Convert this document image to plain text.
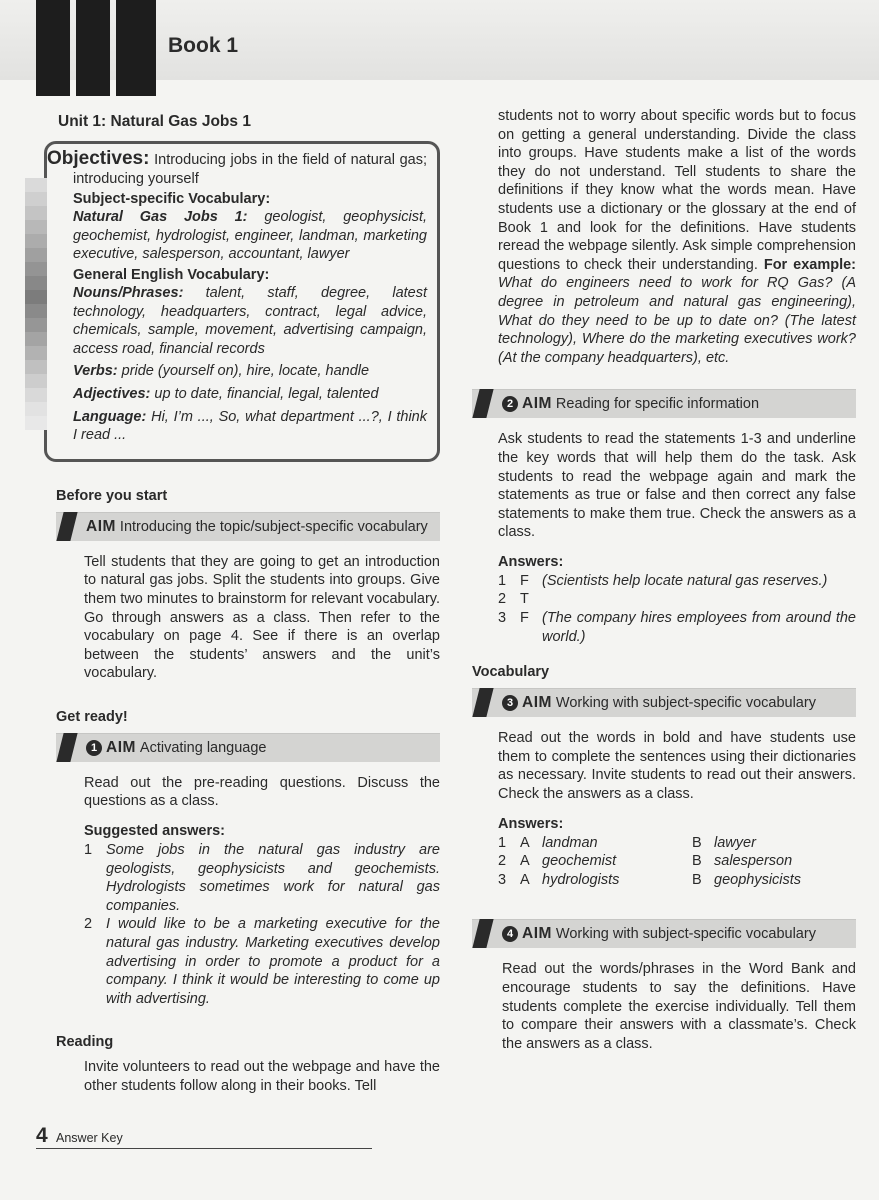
Book 1
Unit 1: Natural Gas Jobs 1

Objectives: Introducing jobs in the field of natural gas; introducing yourself

Subject-specific Vocabulary:

Natural Gas Jobs 1: geologist, geophysicist, geochemist, hydrologist, engineer, landman, marketing executive, salesperson, accountant, lawyer

General English Vocabulary:

Nouns/Phrases: talent, staff, degree, latest technology, headquarters, contract, legal advice, chemicals, sample, movement, advertising campaign, access road, financial records

Verbs: pride (yourself on), hire, locate, handle

Adjectives: up to date, financial, legal, talented

Language: Hi, I’m ..., So, what department ...?, I think I read ...

Before you start
AIM Introducing the topic/subject-specific vocabulary

Tell students that they are going to get an introduction to natural gas jobs. Split the students into groups. Give them two minutes to brainstorm for relevant vocabulary. Go through answers as a class. Then refer to the vocabulary on page 4. See if there is an overlap between the students’ answers and the unit’s vocabulary.

Get ready!
1 AIM Activating language

Read out the pre-reading questions. Discuss the questions as a class.

Suggested answers:
1 Some jobs in the natural gas industry are geologists, geophysicists and geochemists. Hydrologists sometimes work for natural gas companies.
2 I would like to be a marketing executive for the natural gas industry. Marketing executives develop advertising in order to promote a product for a company. I think it would be interesting to come up with advertising.
Reading

Invite volunteers to read out the webpage and have the other students follow along in their books. Tell

students not to worry about specific words but to focus on getting a general understanding. Divide the class into groups. Have students make a list of the words they do not understand. Tell students to share the definitions if they know what the words mean. Have students use a dictionary or the glossary at the end of Book 1 and look for the definitions. Have students reread the webpage silently. Ask simple comprehension questions to check their understanding. For example: What do engineers need to work for RQ Gas? (A degree in petroleum and natural gas engineering), What do they need to be up to date on? (The latest technology), Where do the marketing executives work? (At the company headquarters), etc.

2 AIM Reading for specific information

Ask students to read the statements 1-3 and underline the key words that will help them do the task. Ask students to read the webpage again and mark the statements as true or false and then correct any false statements to make them true. Check the answers as a class.

Answers:
1 F (Scientists help locate natural gas reserves.)
2 T
3 F (The company hires employees from around the world.)
Vocabulary
3 AIM Working with subject-specific vocabulary

Read out the words in bold and have students use them to complete the sentences using their dictionaries as necessary. Invite students to read out their answers. Check the answers as a class.

Answers:
1 A landman	B lawyer
2 A geochemist	B salesperson
3 A hydrologists	B geophysicists
4 AIM Working with subject-specific vocabulary

Read out the words/phrases in the Word Bank and encourage students to say the definitions. Have students complete the exercise individually. Tell them to compare their answers with a classmate’s. Check the answers as a class.

4 Answer Key
